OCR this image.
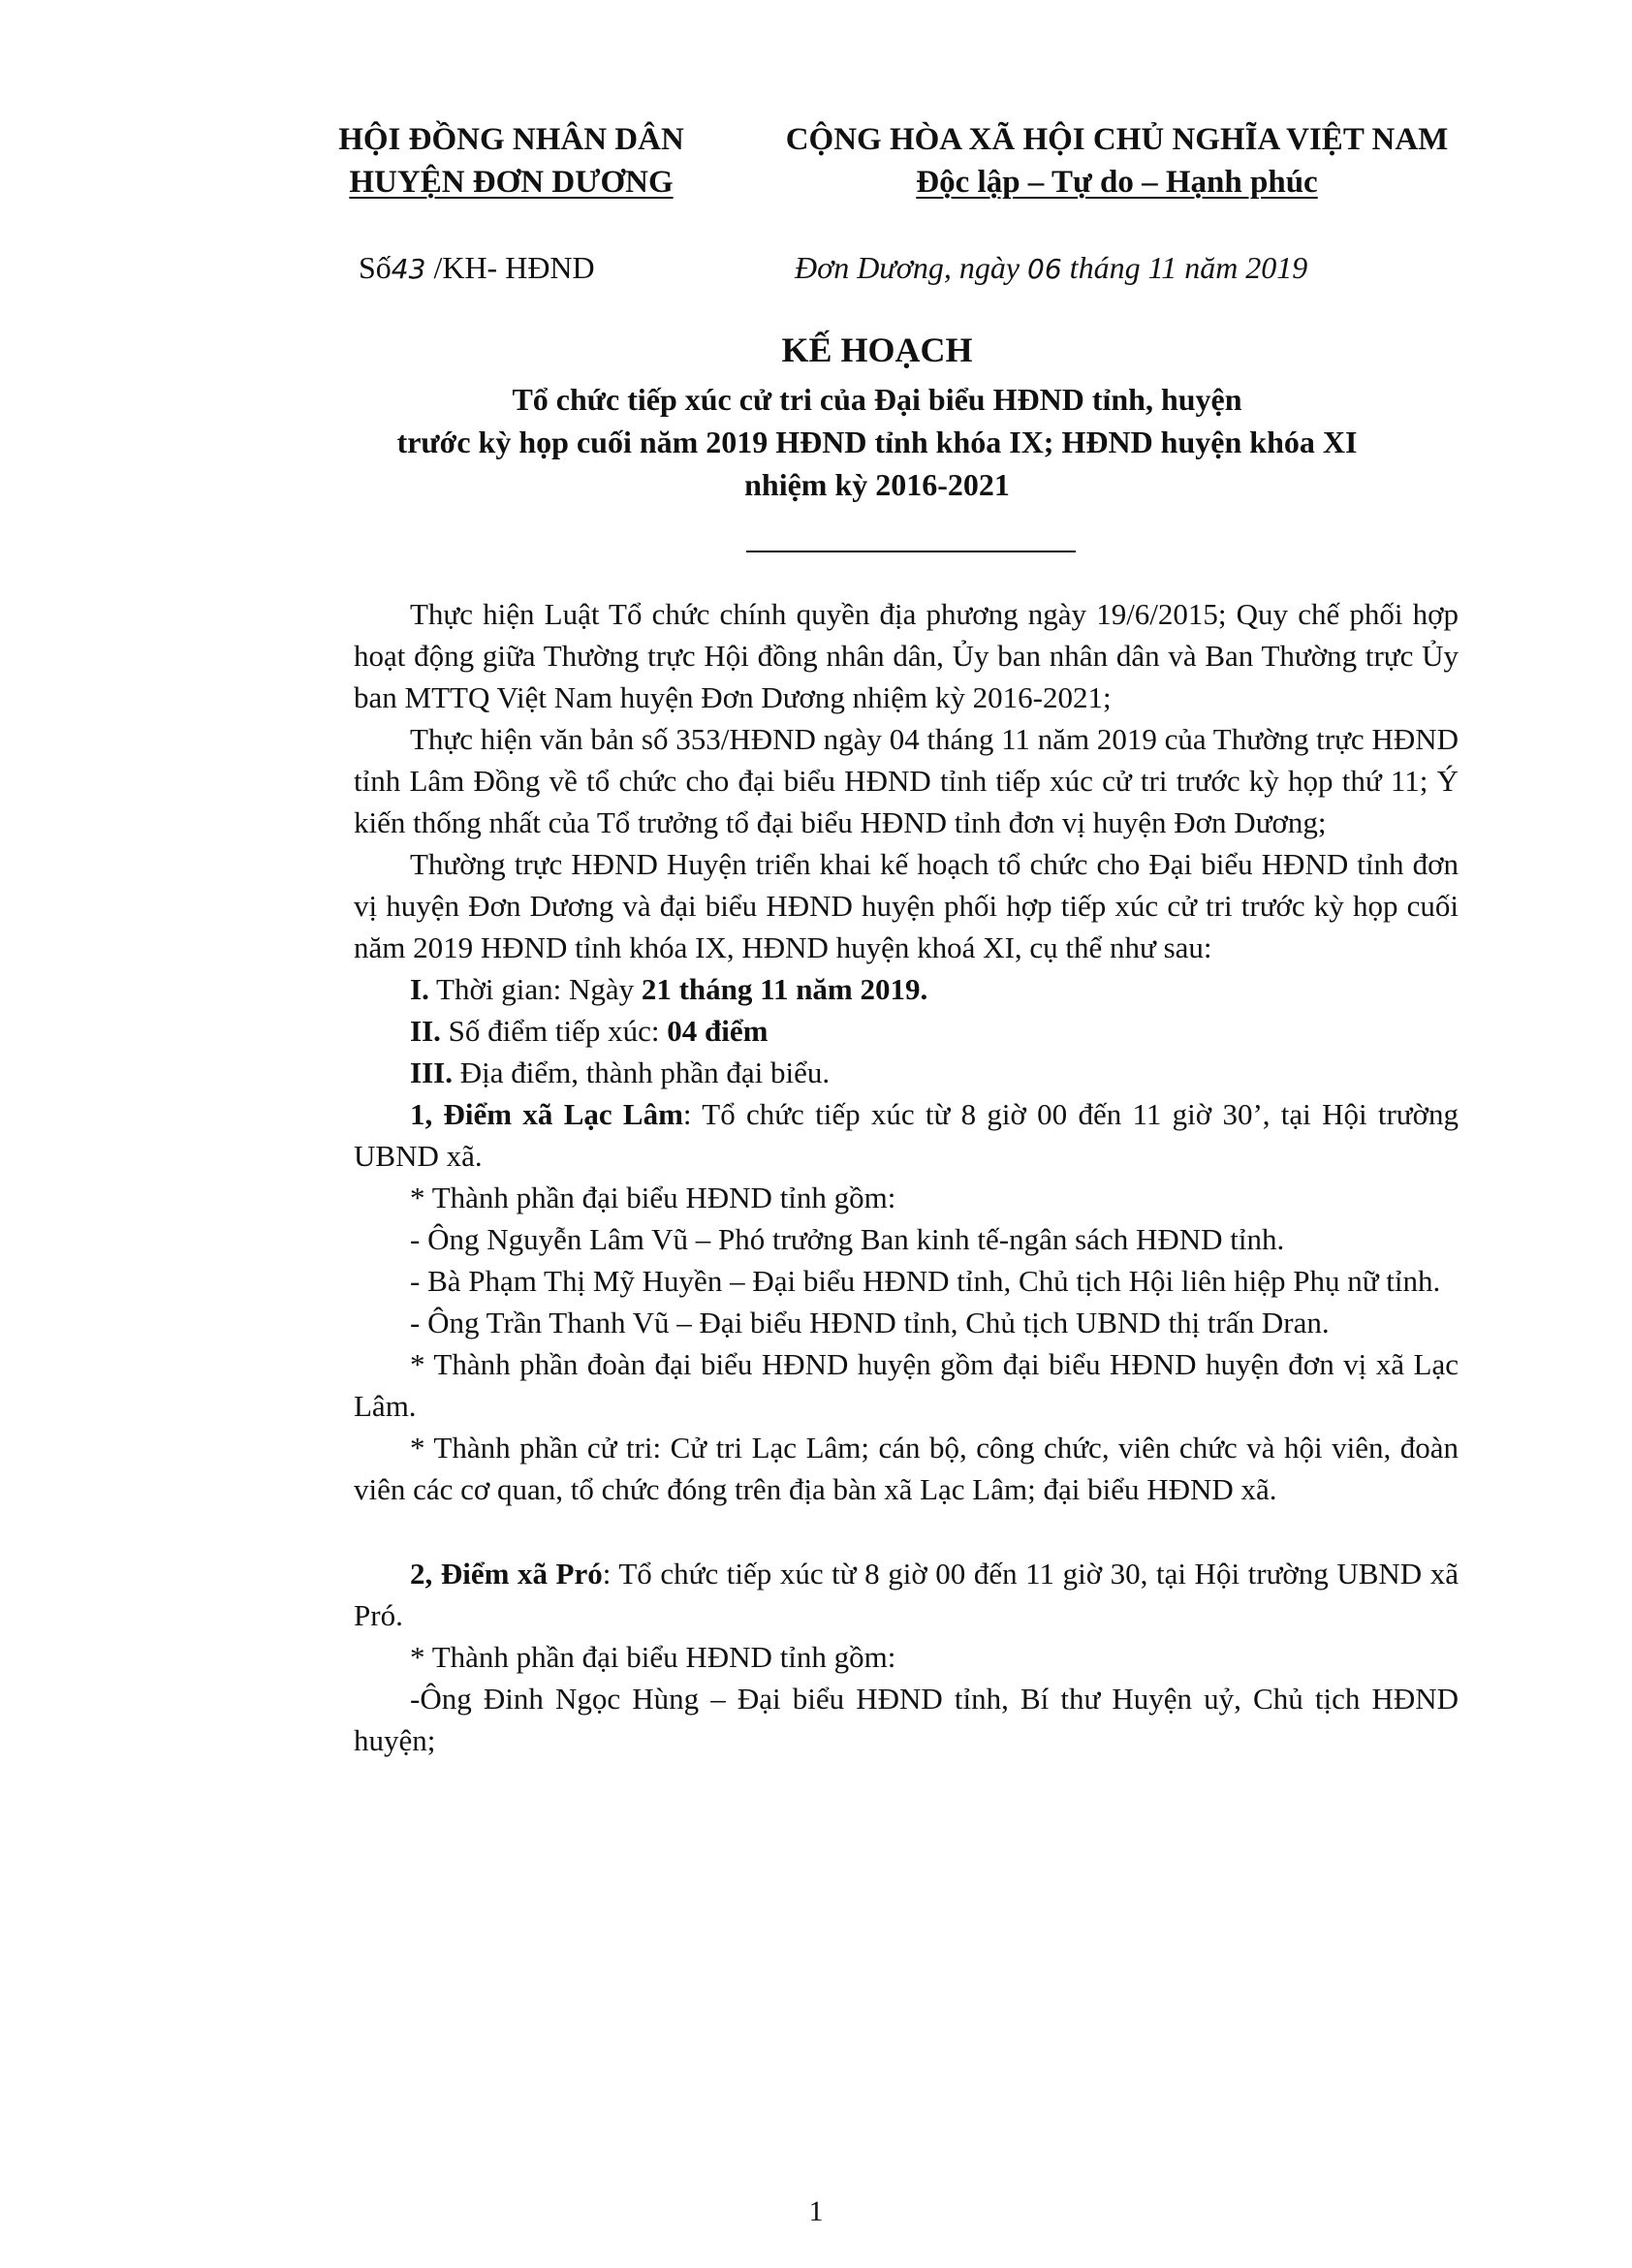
HỘI ĐỒNG NHÂN DÂN
HUYỆN ĐƠN DƯƠNG
CỘNG HÒA XÃ HỘI CHỦ NGHĨA VIỆT NAM
Độc lập – Tự do – Hạnh phúc
Số43 /KH- HĐND	Đơn Dương, ngày 06 tháng 11 năm 2019
KẾ HOẠCH
Tổ chức tiếp xúc cử tri của Đại biểu HĐND tỉnh, huyện
trước kỳ họp cuối năm 2019 HĐND tỉnh khóa IX; HĐND huyện khóa XI
nhiệm kỳ 2016-2021

Thực hiện Luật Tổ chức chính quyền địa phương ngày 19/6/2015; Quy chế phối hợp hoạt động giữa Thường trực Hội đồng nhân dân, Ủy ban nhân dân và Ban Thường trực Ủy ban MTTQ Việt Nam huyện Đơn Dương nhiệm kỳ 2016-2021;

Thực hiện văn bản số 353/HĐND ngày 04 tháng 11 năm 2019 của Thường trực HĐND tỉnh Lâm Đồng về tổ chức cho đại biểu HĐND tỉnh tiếp xúc cử tri trước kỳ họp thứ 11; Ý kiến thống nhất của Tổ trưởng tổ đại biểu HĐND tỉnh đơn vị huyện Đơn Dương;

Thường trực HĐND Huyện triển khai kế hoạch tổ chức cho Đại biểu HĐND tỉnh đơn vị huyện Đơn Dương và đại biểu HĐND huyện phối hợp tiếp xúc cử tri trước kỳ họp cuối năm 2019 HĐND tỉnh khóa IX, HĐND huyện khoá XI, cụ thể như sau:

I. Thời gian: Ngày 21 tháng 11 năm 2019.

II. Số điểm tiếp xúc: 04 điểm

III. Địa điểm, thành phần đại biểu.

1, Điểm xã Lạc Lâm: Tổ chức tiếp xúc từ 8 giờ 00 đến 11 giờ 30’, tại Hội trường UBND xã.

* Thành phần đại biểu HĐND tỉnh gồm:

- Ông Nguyễn Lâm Vũ – Phó trưởng Ban kinh tế-ngân sách HĐND tỉnh.

- Bà Phạm Thị Mỹ Huyền – Đại biểu HĐND tỉnh, Chủ tịch Hội liên hiệp Phụ nữ tỉnh.

- Ông Trần Thanh Vũ – Đại biểu HĐND tỉnh, Chủ tịch UBND thị trấn Dran.

* Thành phần đoàn đại biểu HĐND huyện gồm đại biểu HĐND huyện đơn vị xã Lạc Lâm.

* Thành phần cử tri: Cử tri Lạc Lâm; cán bộ, công chức, viên chức và hội viên, đoàn viên các cơ quan, tổ chức đóng trên địa bàn xã Lạc Lâm; đại biểu HĐND xã.

2, Điểm xã Pró: Tổ chức tiếp xúc từ 8 giờ 00 đến 11 giờ 30, tại Hội trường UBND xã Pró.

* Thành phần đại biểu HĐND tỉnh gồm:

-Ông Đinh Ngọc Hùng – Đại biểu HĐND tỉnh, Bí thư Huyện uỷ, Chủ tịch HĐND huyện;

1
